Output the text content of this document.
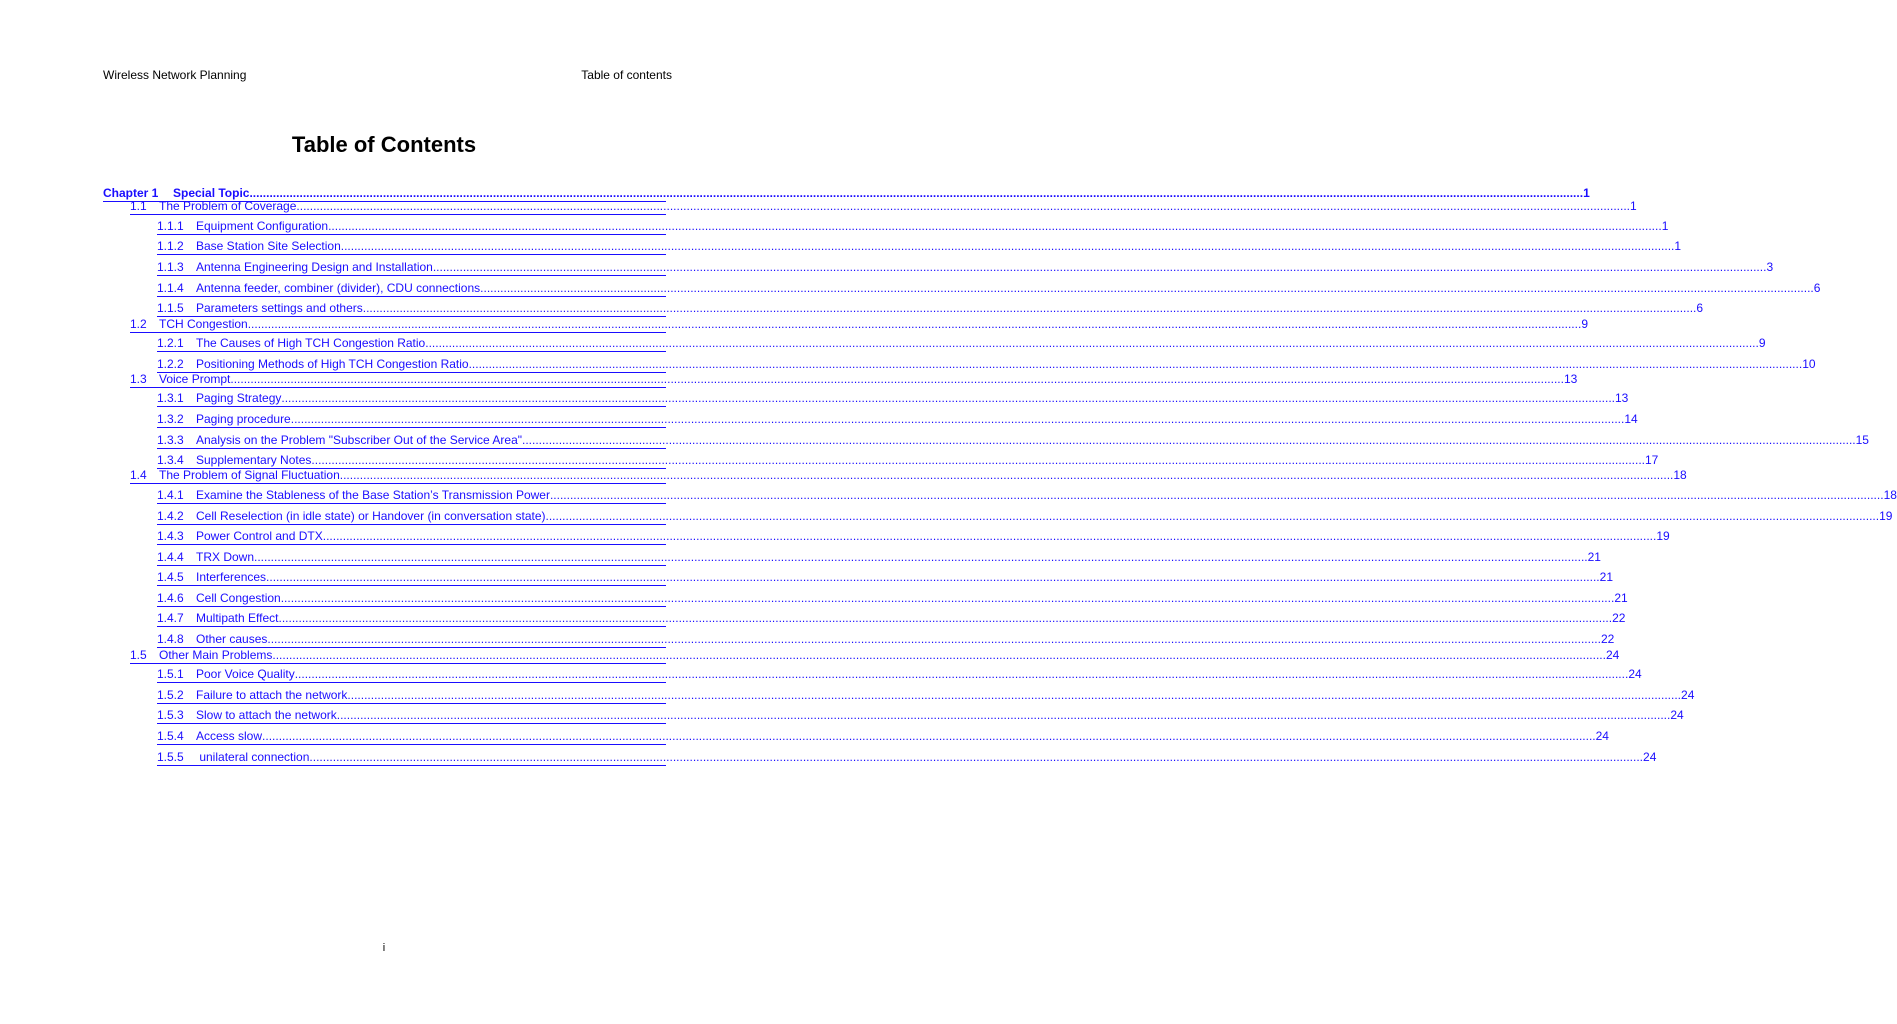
Wireless Network Planning	Table of contents
Table of Contents
Chapter 1	Special Topic ................................................................................................................................................................................................................................................................................................................................................................................................................ 1
1.1	The Problem of Coverage ................................................................................................................................................................................................................................................................................................................................................................................................................ 1
1.1.1	Equipment Configuration ................................................................................................................................................................................................................................................................................................................................................................................................................ 1
1.1.2	Base Station Site Selection ................................................................................................................................................................................................................................................................................................................................................................................................................ 1
1.1.3	Antenna Engineering Design and Installation ................................................................................................................................................................................................................................................................................................................................................................................................................ 3
1.1.4	Antenna feeder, combiner (divider), CDU connections ................................................................................................................................................................................................................................................................................................................................................................................................................ 6
1.1.5	Parameters settings and others ................................................................................................................................................................................................................................................................................................................................................................................................................ 6
1.2	TCH Congestion ................................................................................................................................................................................................................................................................................................................................................................................................................ 9
1.2.1	The Causes of High TCH Congestion Ratio ................................................................................................................................................................................................................................................................................................................................................................................................................ 9
1.2.2	Positioning Methods of High TCH Congestion Ratio ................................................................................................................................................................................................................................................................................................................................................................................................................ 10
1.3	Voice Prompt ................................................................................................................................................................................................................................................................................................................................................................................................................ 13
1.3.1	Paging Strategy ................................................................................................................................................................................................................................................................................................................................................................................................................ 13
1.3.2	Paging procedure ................................................................................................................................................................................................................................................................................................................................................................................................................ 14
1.3.3	Analysis on the Problem "Subscriber Out of the Service Area" ................................................................................................................................................................................................................................................................................................................................................................................................................ 15
1.3.4	Supplementary Notes ................................................................................................................................................................................................................................................................................................................................................................................................................ 17
1.4	The Problem of Signal Fluctuation ................................................................................................................................................................................................................................................................................................................................................................................................................ 18
1.4.1	Examine the Stableness of the Base Station’s Transmission Power ................................................................................................................................................................................................................................................................................................................................................................................................................ 18
1.4.2	Cell Reselection (in idle state) or Handover (in conversation state) ................................................................................................................................................................................................................................................................................................................................................................................................................ 19
1.4.3	Power Control and DTX ................................................................................................................................................................................................................................................................................................................................................................................................................ 19
1.4.4	TRX Down ................................................................................................................................................................................................................................................................................................................................................................................................................ 21
1.4.5	Interferences ................................................................................................................................................................................................................................................................................................................................................................................................................ 21
1.4.6	Cell Congestion ................................................................................................................................................................................................................................................................................................................................................................................................................ 21
1.4.7	Multipath Effect ................................................................................................................................................................................................................................................................................................................................................................................................................ 22
1.4.8	Other causes ................................................................................................................................................................................................................................................................................................................................................................................................................ 22
1.5	Other Main Problems ................................................................................................................................................................................................................................................................................................................................................................................................................ 24
1.5.1	Poor Voice Quality ................................................................................................................................................................................................................................................................................................................................................................................................................ 24
1.5.2	Failure to attach the network ................................................................................................................................................................................................................................................................................................................................................................................................................ 24
1.5.3	Slow to attach the network ................................................................................................................................................................................................................................................................................................................................................................................................................ 24
1.5.4	Access slow ................................................................................................................................................................................................................................................................................................................................................................................................................ 24
1.5.5	unilateral connection ................................................................................................................................................................................................................................................................................................................................................................................................................ 24
i
